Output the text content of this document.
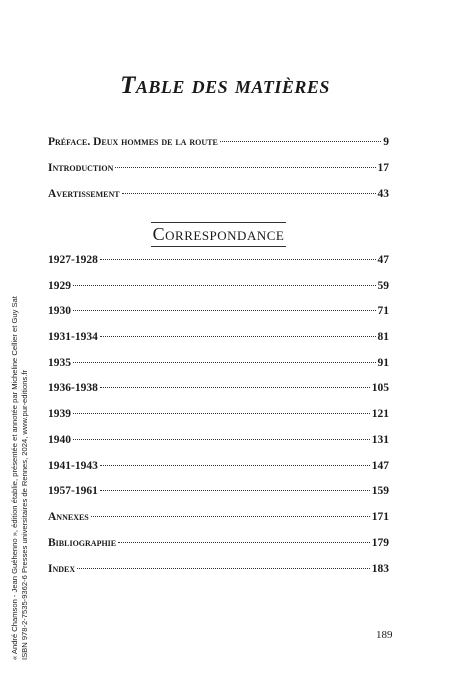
« André Chamson - Jean Guéhenno », édition établie, présentée et annotée par Micheline Cellier et Guy Sat ISBN 978-2-7535-9362-6 Presses universitaires de Rennes, 2024, www.pur-editions.fr
Table des matières
Préface. Deux hommes de la route	9
Introduction	17
Avertissement	43
Correspondance
1927-1928	47
1929	59
1930	71
1931-1934	81
1935	91
1936-1938	105
1939	121
1940	131
1941-1943	147
1957-1961	159
Annexes	171
Bibliographie	179
Index	183
189
